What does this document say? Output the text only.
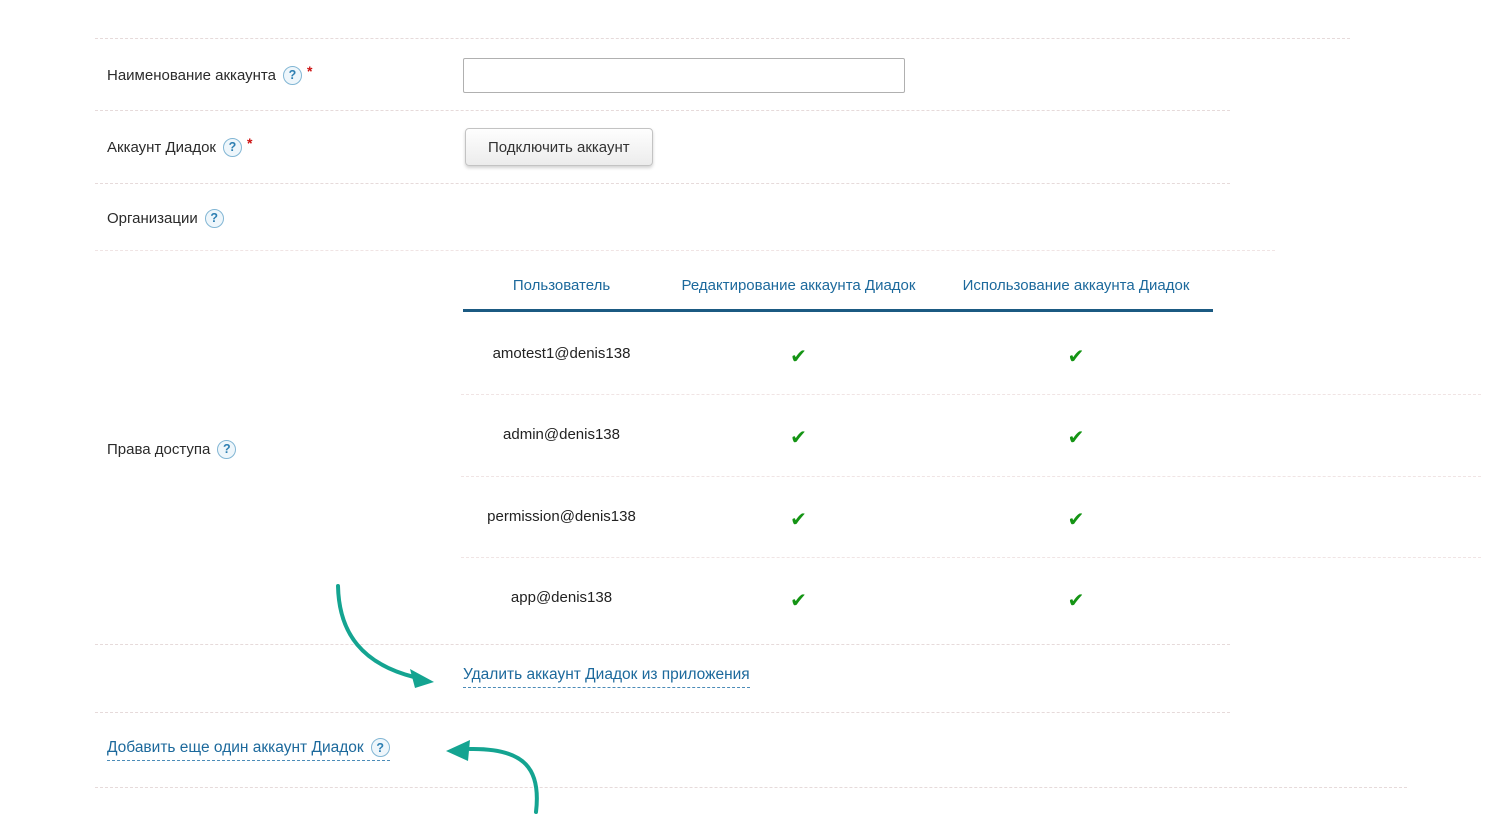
Наименование аккаунта ? *
Аккаунт Диадок ? *	Подключить аккаунт
Организации ?
Права доступа ?
Пользователь	Редактирование аккаунта Диадок	Использование аккаунта Диадок
amotest1@denis138	✔	✔
admin@denis138	✔	✔
permission@denis138	✔	✔
app@denis138	✔	✔
Удалить аккаунт Диадок из приложения
Добавить еще один аккаунт Диадок ?
